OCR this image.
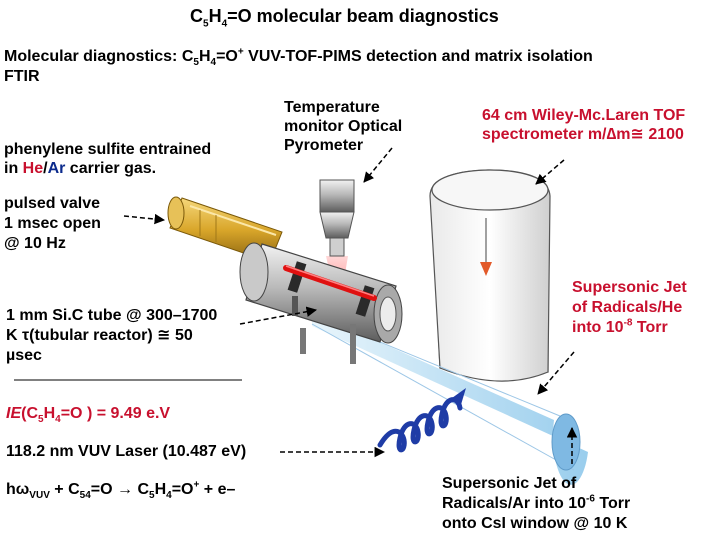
$C_5H_4=O$ molecular beam diagnostics
Molecular diagnostics: $C_5H_4=O^+$ VUV-TOF-PIMS detection and matrix isolation
FTIR
phenylene sulfite entrained
in He/Ar carrier gas.
Temperature
monitor Optical
Pyrometer
64 cm Wiley-Mc.Laren TOF
spectrometer m/∆m≅ 2100
pulsed valve
1 msec open
@ 10 Hz
1 mm Si.C tube @ 300–1700
K τ(tubular reactor) ≅ 50
µsec
Supersonic Jet
of Radicals/He
into $10^{-8}$ Torr
$IE(C_5H_4=O$ ) = 9.49 e.V
118.2 nm VUV Laser (10.487 eV)
$h\omega_{VUV} + C_{54}=O \to C_5H_4=O^+ + e-$	Supersonic Jet of
Radicals/Ar into $10^{-6}$ Torr
onto CsI window @ 10 K
